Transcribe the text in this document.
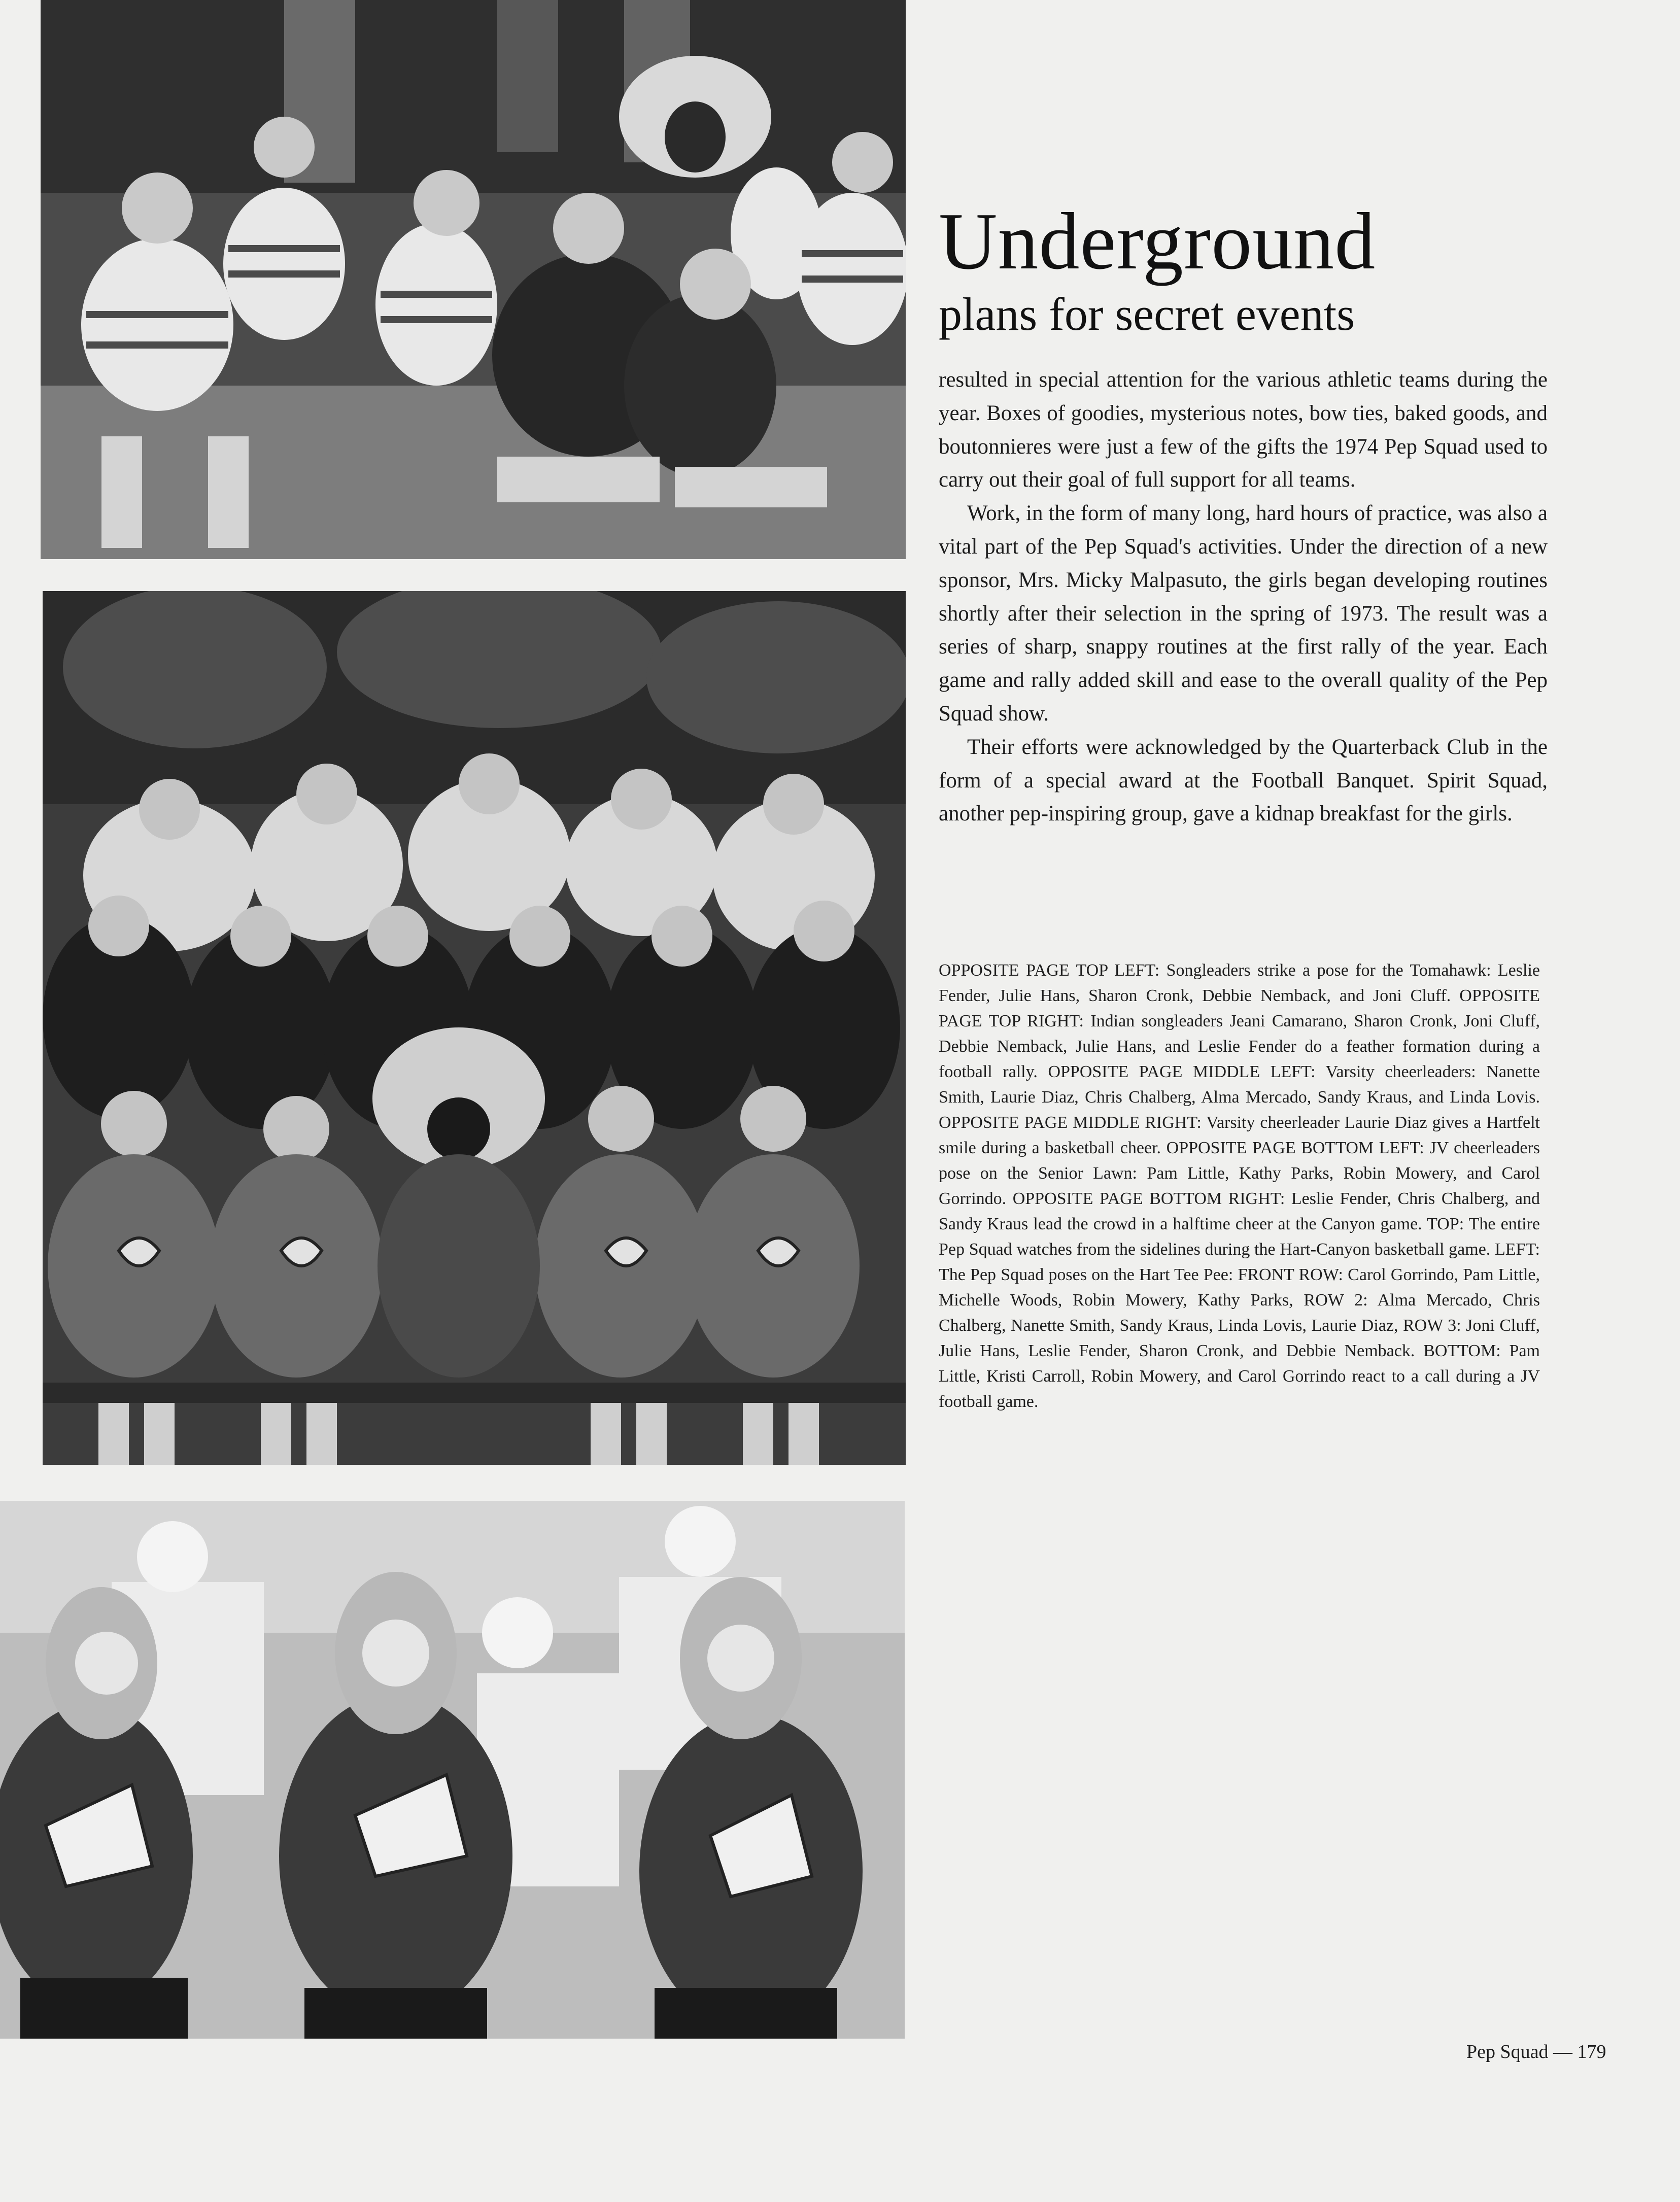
Underground
plans for secret events

resulted in special attention for the various athletic teams during the year. Boxes of goodies, mysterious notes, bow ties, baked goods, and boutonnieres were just a few of the gifts the 1974 Pep Squad used to carry out their goal of full support for all teams.

Work, in the form of many long, hard hours of practice, was also a vital part of the Pep Squad's activities. Under the direction of a new sponsor, Mrs. Micky Malpasuto, the girls began developing routines shortly after their selection in the spring of 1973. The result was a series of sharp, snappy routines at the first rally of the year. Each game and rally added skill and ease to the overall quality of the Pep Squad show.

Their efforts were acknowledged by the Quarterback Club in the form of a special award at the Football Banquet. Spirit Squad, another pep-inspiring group, gave a kidnap breakfast for the girls.

OPPOSITE PAGE TOP LEFT: Songleaders strike a pose for the Tomahawk: Leslie Fender, Julie Hans, Sharon Cronk, Debbie Nemback, and Joni Cluff. OPPOSITE PAGE TOP RIGHT: Indian songleaders Jeani Camarano, Sharon Cronk, Joni Cluff, Debbie Nemback, Julie Hans, and Leslie Fender do a feather formation during a football rally. OPPOSITE PAGE MIDDLE LEFT: Varsity cheerleaders: Nanette Smith, Laurie Diaz, Chris Chalberg, Alma Mercado, Sandy Kraus, and Linda Lovis. OPPOSITE PAGE MIDDLE RIGHT: Varsity cheerleader Laurie Diaz gives a Hartfelt smile during a basketball cheer. OPPOSITE PAGE BOTTOM LEFT: JV cheerleaders pose on the Senior Lawn: Pam Little, Kathy Parks, Robin Mowery, and Carol Gorrindo. OPPOSITE PAGE BOTTOM RIGHT: Leslie Fender, Chris Chalberg, and Sandy Kraus lead the crowd in a halftime cheer at the Canyon game. TOP: The entire Pep Squad watches from the sidelines during the Hart-Canyon basketball game. LEFT: The Pep Squad poses on the Hart Tee Pee: FRONT ROW: Carol Gorrindo, Pam Little, Michelle Woods, Robin Mowery, Kathy Parks, ROW 2: Alma Mercado, Chris Chalberg, Nanette Smith, Sandy Kraus, Linda Lovis, Laurie Diaz, ROW 3: Joni Cluff, Julie Hans, Leslie Fender, Sharon Cronk, and Debbie Nemback. BOTTOM: Pam Little, Kristi Carroll, Robin Mowery, and Carol Gorrindo react to a call during a JV football game.

Pep Squad — 179
